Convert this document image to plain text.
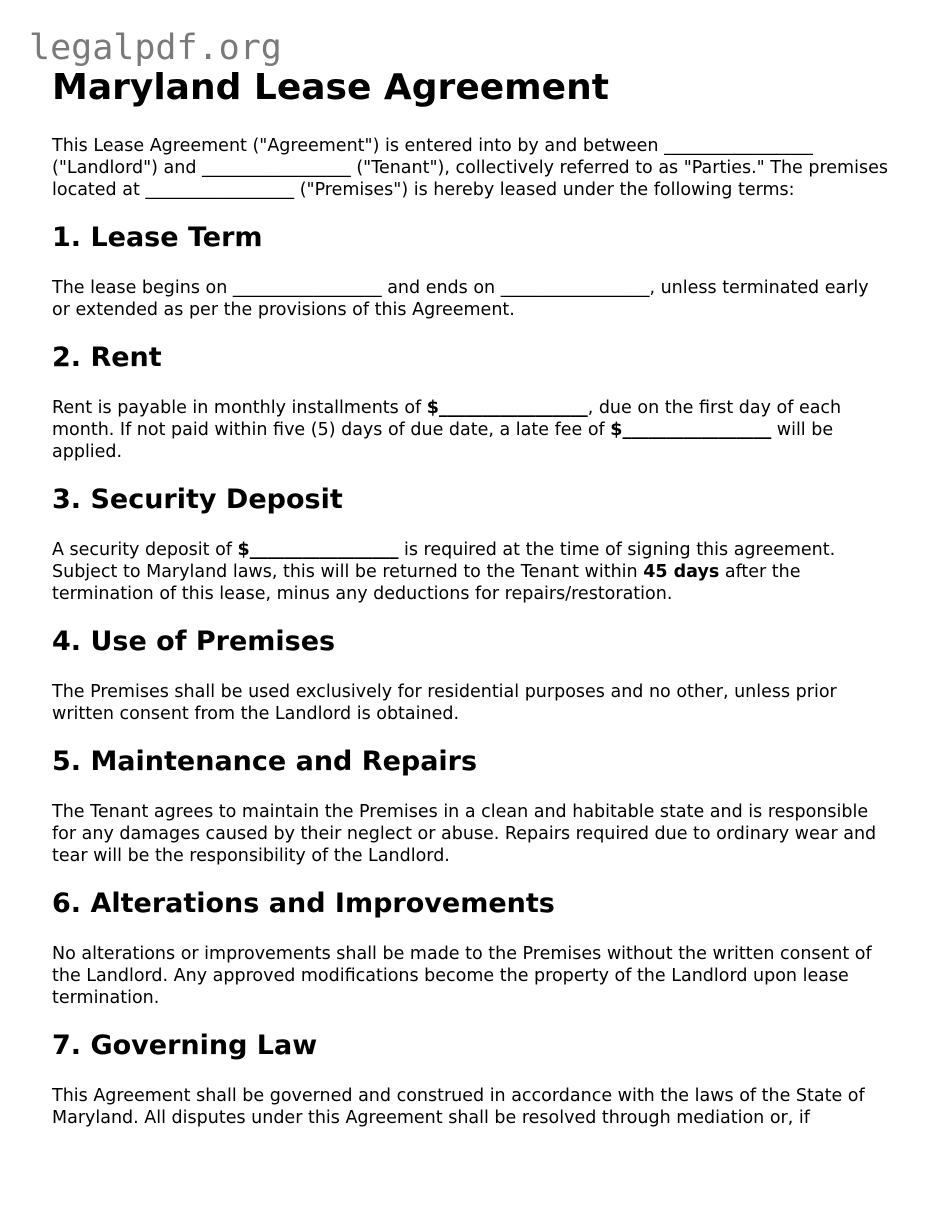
legalpdf.org
Maryland Lease Agreement

This Lease Agreement ("Agreement") is entered into by and between _________________ ("Landlord") and _________________ ("Tenant"), collectively referred to as "Parties." The premises located at _________________ ("Premises") is hereby leased under the following terms:

1. Lease Term

The lease begins on _________________ and ends on _________________, unless terminated early or extended as per the provisions of this Agreement.

2. Rent

Rent is payable in monthly installments of $_________________, due on the first day of each month. If not paid within five (5) days of due date, a late fee of $_________________ will be applied.

3. Security Deposit

A security deposit of $_________________ is required at the time of signing this agreement. Subject to Maryland laws, this will be returned to the Tenant within 45 days after the termination of this lease, minus any deductions for repairs/restoration.

4. Use of Premises

The Premises shall be used exclusively for residential purposes and no other, unless prior written consent from the Landlord is obtained.

5. Maintenance and Repairs

The Tenant agrees to maintain the Premises in a clean and habitable state and is responsible for any damages caused by their neglect or abuse. Repairs required due to ordinary wear and tear will be the responsibility of the Landlord.

6. Alterations and Improvements

No alterations or improvements shall be made to the Premises without the written consent of the Landlord. Any approved modifications become the property of the Landlord upon lease termination.

7. Governing Law

This Agreement shall be governed and construed in accordance with the laws of the State of Maryland. All disputes under this Agreement shall be resolved through mediation or, if
